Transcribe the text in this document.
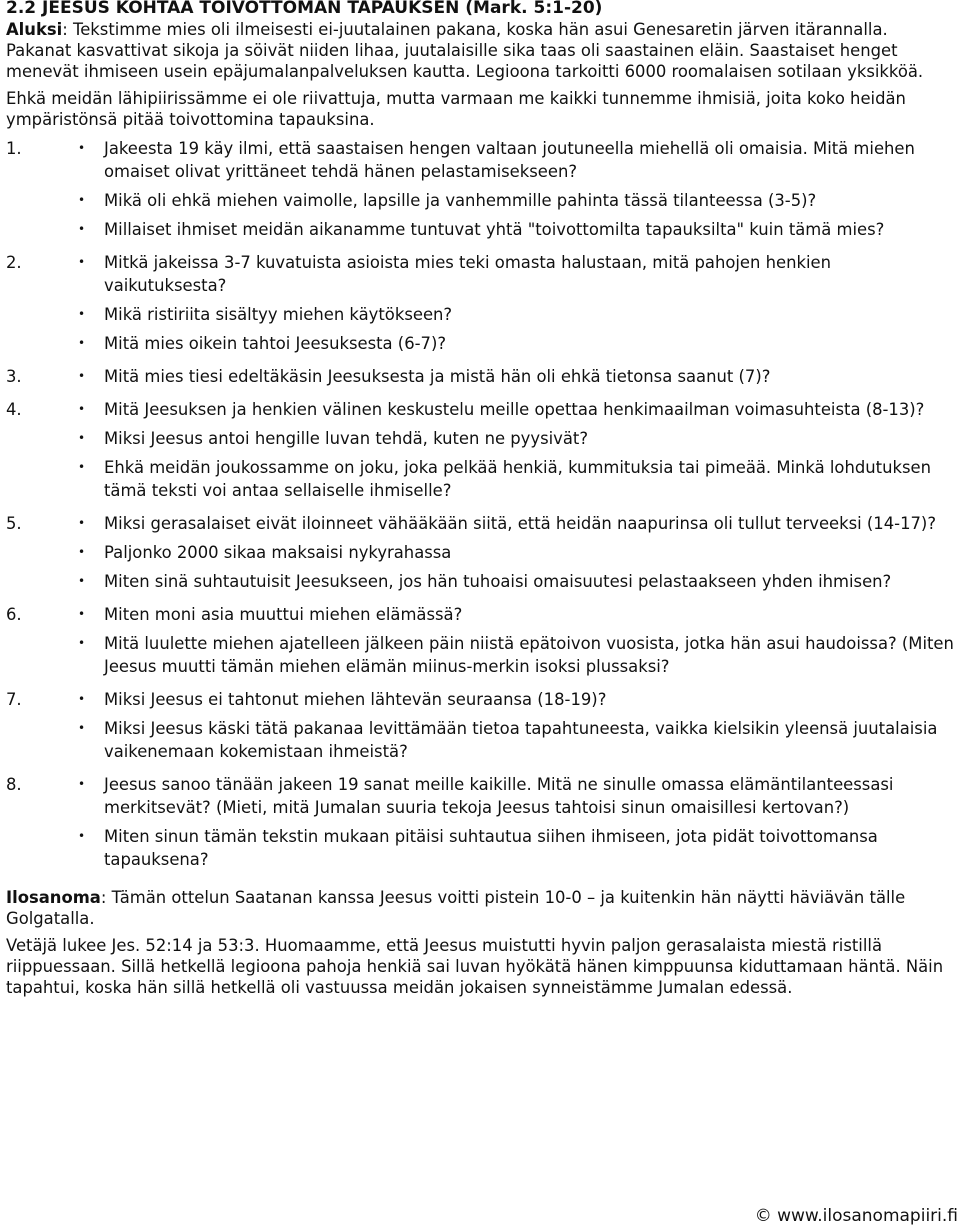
2.2 JEESUS KOHTAA TOIVOTTOMAN TAPAUKSEN (Mark. 5:1-20)

Aluksi: Tekstimme mies oli ilmeisesti ei-juutalainen pakana, koska hän asui Genesaretin järven itärannalla. Pakanat kasvattivat sikoja ja söivät niiden lihaa, juutalaisille sika taas oli saastainen eläin. Saastaiset henget menevät ihmiseen usein epäjumalanpalveluksen kautta. Legioona tarkoitti 6000 roomalaisen sotilaan yksikköä.

Ehkä meidän lähipiirissämme ei ole riivattuja, mutta varmaan me kaikki tunnemme ihmisiä, joita koko heidän ympäristönsä pitää toivottomina tapauksina.

1.	• Jakeesta 19 käy ilmi, että saastaisen hengen valtaan joutuneella miehellä oli omaisia. Mitä miehen omaiset olivat yrittäneet tehdä hänen pelastamisekseen?
• Mikä oli ehkä miehen vaimolle, lapsille ja vanhemmille pahinta tässä tilanteessa (3-5)?
• Millaiset ihmiset meidän aikanamme tuntuvat yhtä "toivottomilta tapauksilta" kuin tämä mies?
2.	• Mitkä jakeissa 3-7 kuvatuista asioista mies teki omasta halustaan, mitä pahojen henkien vaikutuksesta?
• Mikä ristiriita sisältyy miehen käytökseen?
• Mitä mies oikein tahtoi Jeesuksesta (6-7)?
3.	• Mitä mies tiesi edeltäkäsin Jeesuksesta ja mistä hän oli ehkä tietonsa saanut (7)?
4.	• Mitä Jeesuksen ja henkien välinen keskustelu meille opettaa henkimaailman voimasuhteista (8-13)?
• Miksi Jeesus antoi hengille luvan tehdä, kuten ne pyysivät?
• Ehkä meidän joukossamme on joku, joka pelkää henkiä, kummituksia tai pimeää. Minkä lohdutuksen tämä teksti voi antaa sellaiselle ihmiselle?
5.	• Miksi gerasalaiset eivät iloinneet vähääkään siitä, että heidän naapurinsa oli tullut terveeksi (14-17)?
• Paljonko 2000 sikaa maksaisi nykyrahassa
• Miten sinä suhtautuisit Jeesukseen, jos hän tuhoaisi omaisuutesi pelastaakseen yhden ihmisen?
6.	• Miten moni asia muuttui miehen elämässä?
• Mitä luulette miehen ajatelleen jälkeen päin niistä epätoivon vuosista, jotka hän asui haudoissa? (Miten Jeesus muutti tämän miehen elämän miinus-merkin isoksi plussaksi?
7.	• Miksi Jeesus ei tahtonut miehen lähtevän seuraansa (18-19)?
• Miksi Jeesus käski tätä pakanaa levittämään tietoa tapahtuneesta, vaikka kielsikin yleensä juutalaisia vaikenemaan kokemistaan ihmeistä?
8.	• Jeesus sanoo tänään jakeen 19 sanat meille kaikille. Mitä ne sinulle omassa elämäntilanteessasi merkitsevät? (Mieti, mitä Jumalan suuria tekoja Jeesus tahtoisi sinun omaisillesi kertovan?)
• Miten sinun tämän tekstin mukaan pitäisi suhtautua siihen ihmiseen, jota pidät toivottomansa tapauksena?

Ilosanoma: Tämän ottelun Saatanan kanssa Jeesus voitti pistein 10-0 – ja kuitenkin hän näytti häviävän tälle Golgatalla.

Vetäjä lukee Jes. 52:14 ja 53:3. Huomaamme, että Jeesus muistutti hyvin paljon gerasalaista miestä ristillä riippuessaan. Sillä hetkellä legioona pahoja henkiä sai luvan hyökätä hänen kimppuunsa kiduttamaan häntä. Näin tapahtui, koska hän sillä hetkellä oli vastuussa meidän jokaisen synneistämme Jumalan edessä.

© www.ilosanomapiiri.fi
